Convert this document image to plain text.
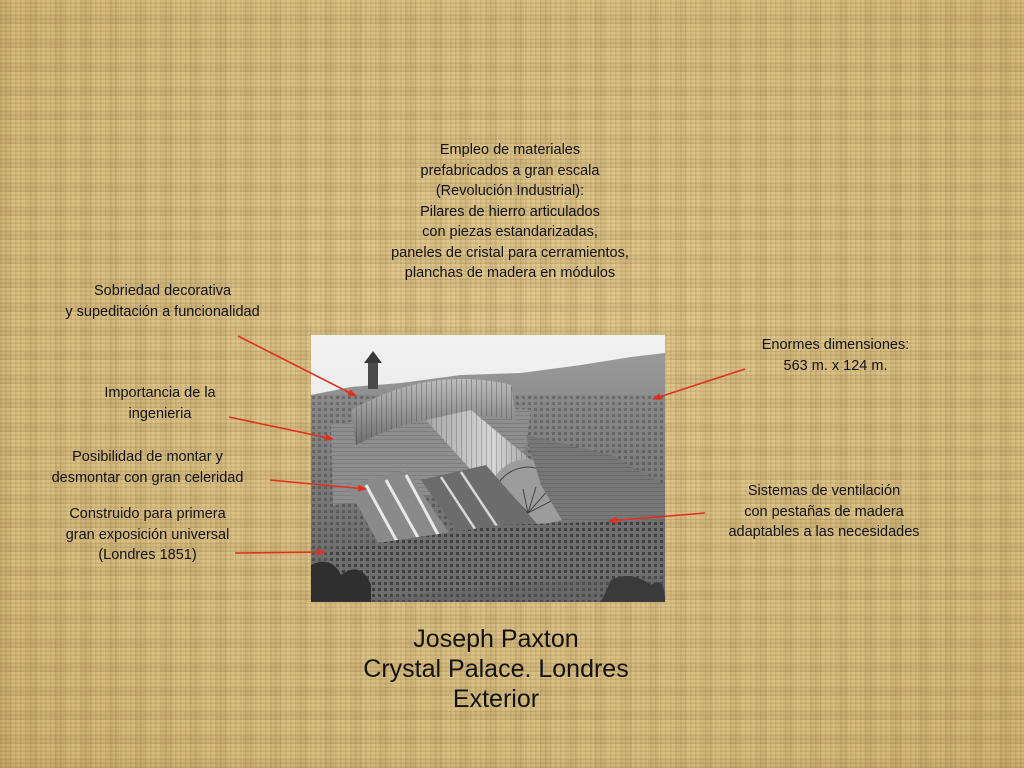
Empleo de materiales
prefabricados a gran escala
(Revolución Industrial):
Pilares de hierro articulados
con piezas estandarizadas,
paneles de cristal para cerramientos,
planchas de madera en módulos
Sobriedad decorativa
y supeditación a funcionalidad
Enormes dimensiones:
563 m. x 124 m.
Importancia de la
ingenieria
Posibilidad de montar y
desmontar con gran celeridad
Construido para primera
gran exposición universal
(Londres 1851)
Sistemas de ventilación
con pestañas de madera
adaptables a las necesidades
Joseph Paxton
Crystal Palace. Londres
Exterior
